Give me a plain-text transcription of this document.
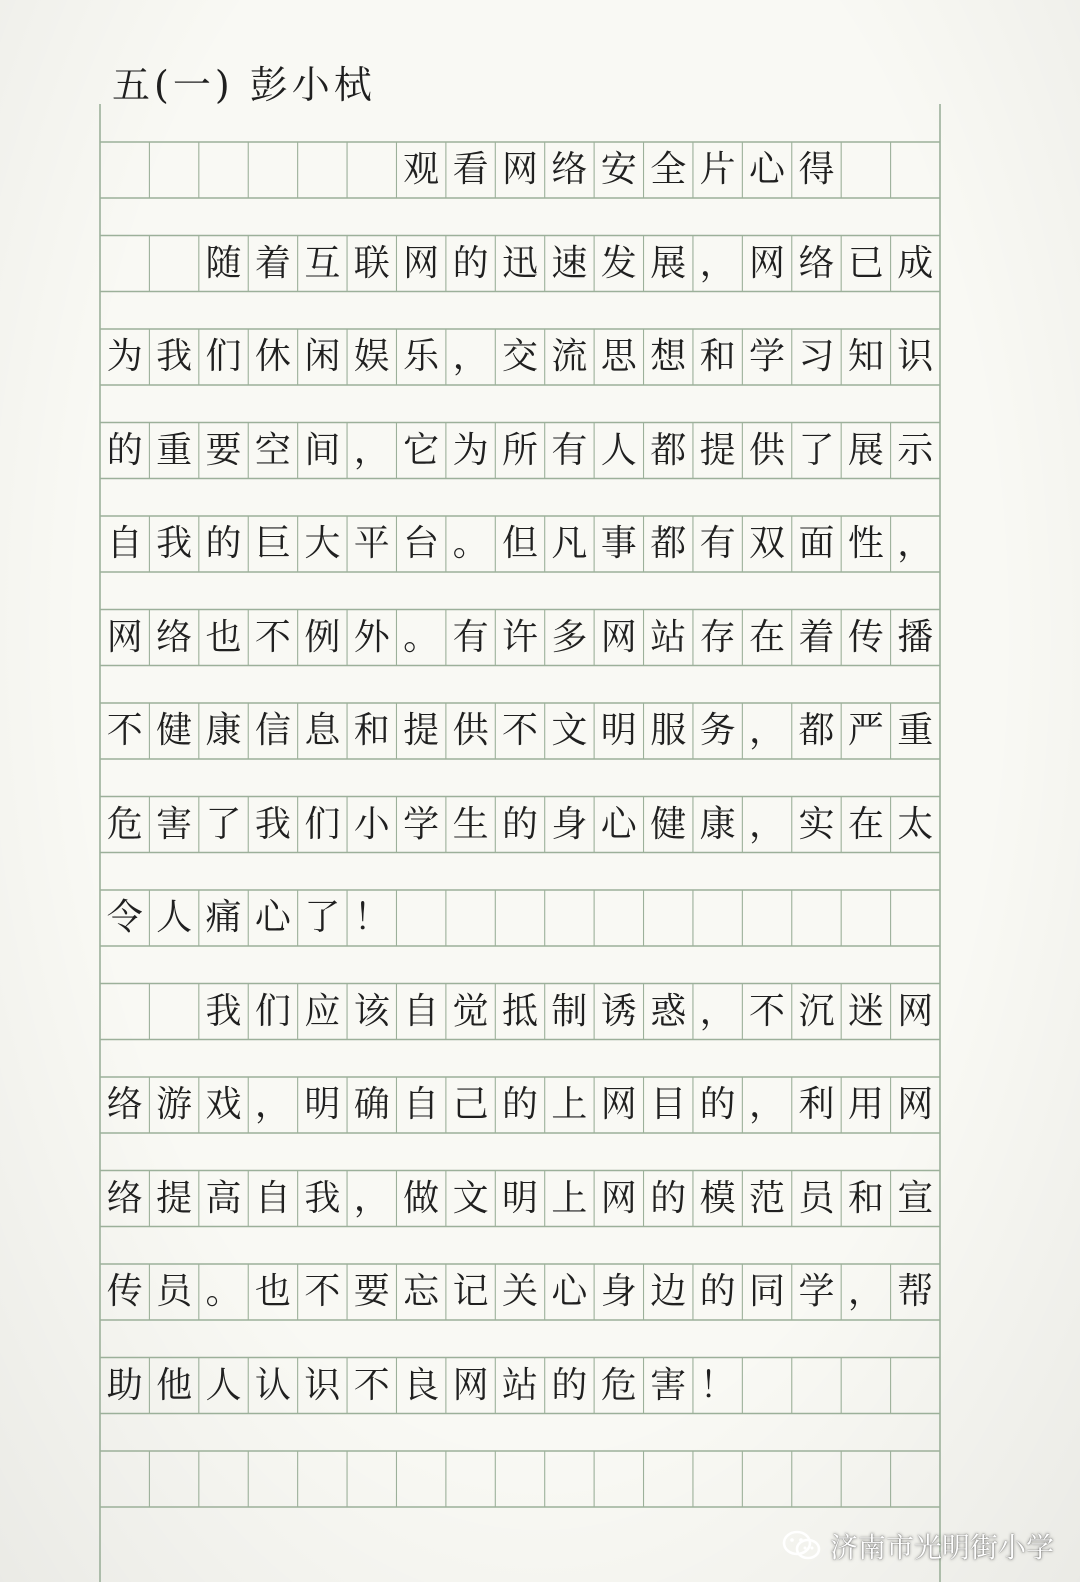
五(一) 彭小栻
观 看 网 络 安 全 片 心 得
随 着 互 联 网 的 迅 速 发 展 ， 网 络 已 成
为 我 们 休 闲 娱 乐 ， 交 流 思 想 和 学 习 知 识
的 重 要 空 间 ， 它 为 所 有 人 都 提 供 了 展 示
自 我 的 巨 大 平 台 。 但 凡 事 都 有 双 面 性 ，
网 络 也 不 例 外 。 有 许 多 网 站 存 在 着 传 播
不 健 康 信 息 和 提 供 不 文 明 服 务 ， 都 严 重
危 害 了 我 们 小 学 生 的 身 心 健 康 ， 实 在 太
令 人 痛 心 了 ！
我 们 应 该 自 觉 抵 制 诱 惑 ， 不 沉 迷 网
络 游 戏 ， 明 确 自 己 的 上 网 目 的 ， 利 用 网
络 提 高 自 我 ， 做 文 明 上 网 的 模 范 员 和 宣
传 员 。 也 不 要 忘 记 关 心 身 边 的 同 学 ， 帮
助 他 人 认 识 不 良 网 站 的 危 害 ！
济南市光明街小学
